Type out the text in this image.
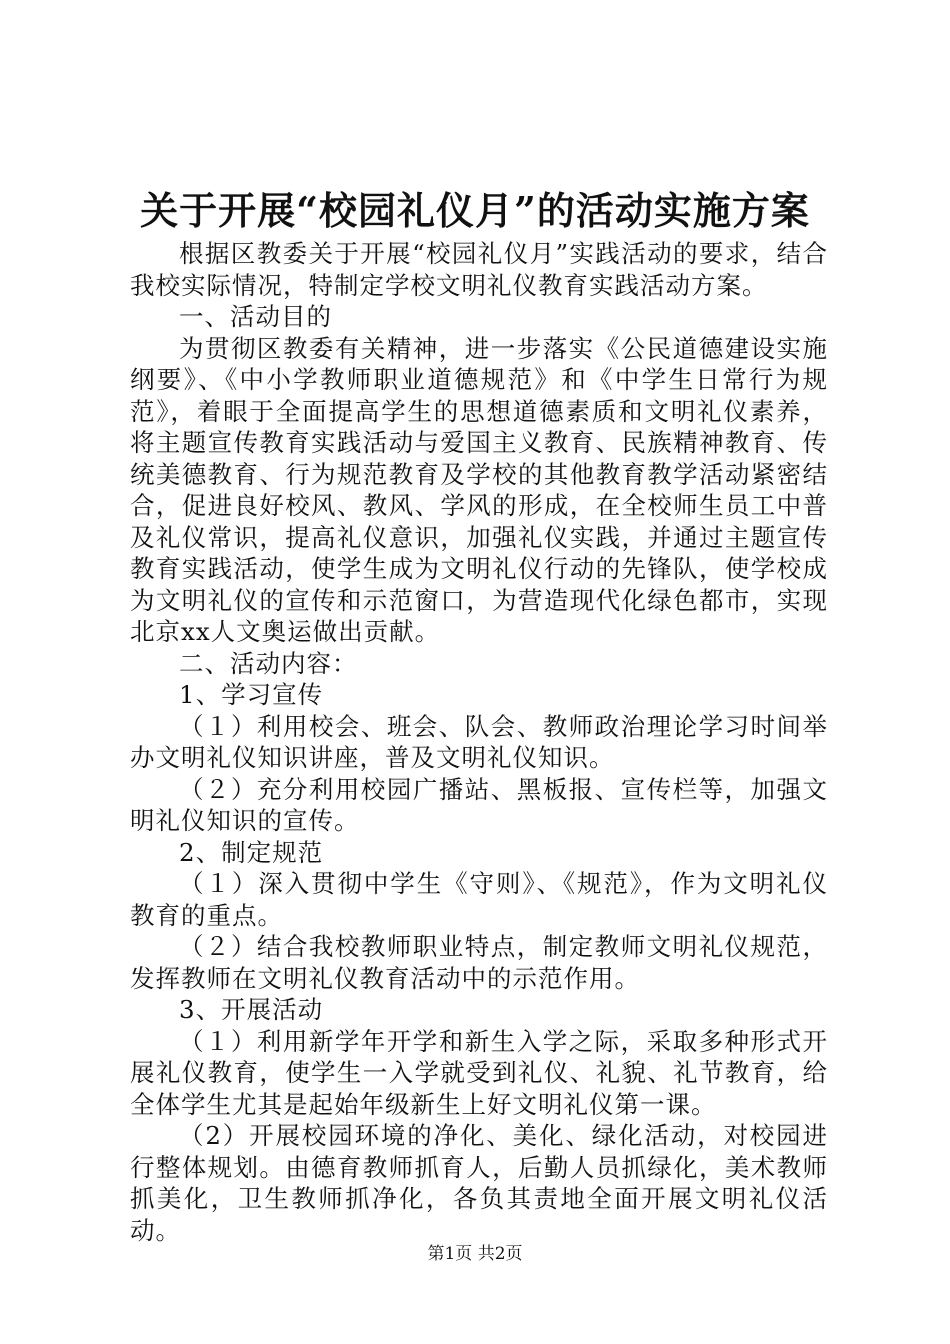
关于开展“校园礼仪月”的活动实施方案

根据区教委关于开展“校园礼仪月”实践活动的要求，结合我校实际情况，特制定学校文明礼仪教育实践活动方案。

一、活动目的

为贯彻区教委有关精神，进一步落实《公民道德建设实施纲要》、《中小学教师职业道德规范》和《中学生日常行为规范》，着眼于全面提高学生的思想道德素质和文明礼仪素养，将主题宣传教育实践活动与爱国主义教育、民族精神教育、传统美德教育、行为规范教育及学校的其他教育教学活动紧密结合，促进良好校风、教风、学风的形成，在全校师生员工中普及礼仪常识，提高礼仪意识，加强礼仪实践，并通过主题宣传教育实践活动，使学生成为文明礼仪行动的先锋队，使学校成为文明礼仪的宣传和示范窗口，为营造现代化绿色都市，实现北京xx人文奥运做出贡献。

二、活动内容：

1、学习宣传

（１）利用校会、班会、队会、教师政治理论学习时间举办文明礼仪知识讲座，普及文明礼仪知识。

（２）充分利用校园广播站、黑板报、宣传栏等，加强文明礼仪知识的宣传。

2、制定规范

（１）深入贯彻中学生《守则》、《规范》，作为文明礼仪教育的重点。

（２）结合我校教师职业特点，制定教师文明礼仪规范，发挥教师在文明礼仪教育活动中的示范作用。

3、开展活动

（１）利用新学年开学和新生入学之际，采取多种形式开展礼仪教育，使学生一入学就受到礼仪、礼貌、礼节教育，给全体学生尤其是起始年级新生上好文明礼仪第一课。

（2）开展校园环境的净化、美化、绿化活动，对校园进行整体规划。由德育教师抓育人，后勤人员抓绿化，美术教师抓美化，卫生教师抓净化，各负其责地全面开展文明礼仪活动。

第1页 共2页
